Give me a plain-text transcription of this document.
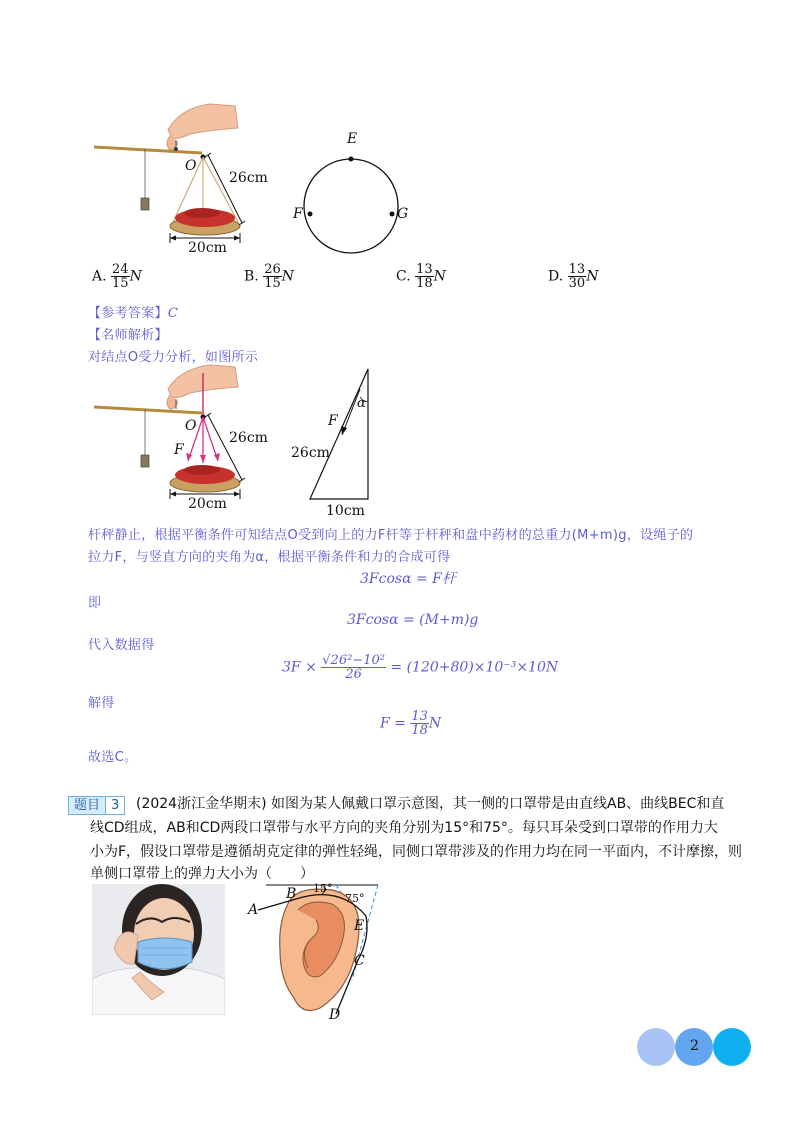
O
26cm
20cm
E
F	G
A. $\frac{24}{15}$ N	B. $\frac{26}{15}$ N	C. $\frac{13}{18}$ N	D. $\frac{13}{30}$ N
【参考答案】C
【名师解析】
对结点O受力分析，如图所示
O
F
26cm
20cm
α
F
26cm
10cm
杆秤静止，根据平衡条件可知结点O受到向上的力F杆等于杆秤和盘中药材的总重力(M+m)g，设绳子的
拉力F，与竖直方向的夹角为α，根据平衡条件和力的合成可得
3Fcosα = F杆
即
3Fcosα = (M+m)g
代入数据得
$3F \times \frac{\text{√26²−10²}}{26} = (120+80)\times 10^{-3}\times 10N$
解得
$F = \frac{13}{18}$ N
故选C。
题目 3	(2024浙江金华期末) 如图为某人佩戴口罩示意图，其一侧的口罩带是由直线AB、曲线BEC和直
线CD组成，AB和CD两段口罩带与水平方向的夹角分别为15°和75°。每只耳朵受到口罩带的作用力大
小为F，假设口罩带是遵循胡克定律的弹性轻绳，同侧口罩带涉及的作用力均在同一平面内，不计摩擦，则
单侧口罩带上的弹力大小为（　　）
A
B 15°
75°
E
C
D
2
